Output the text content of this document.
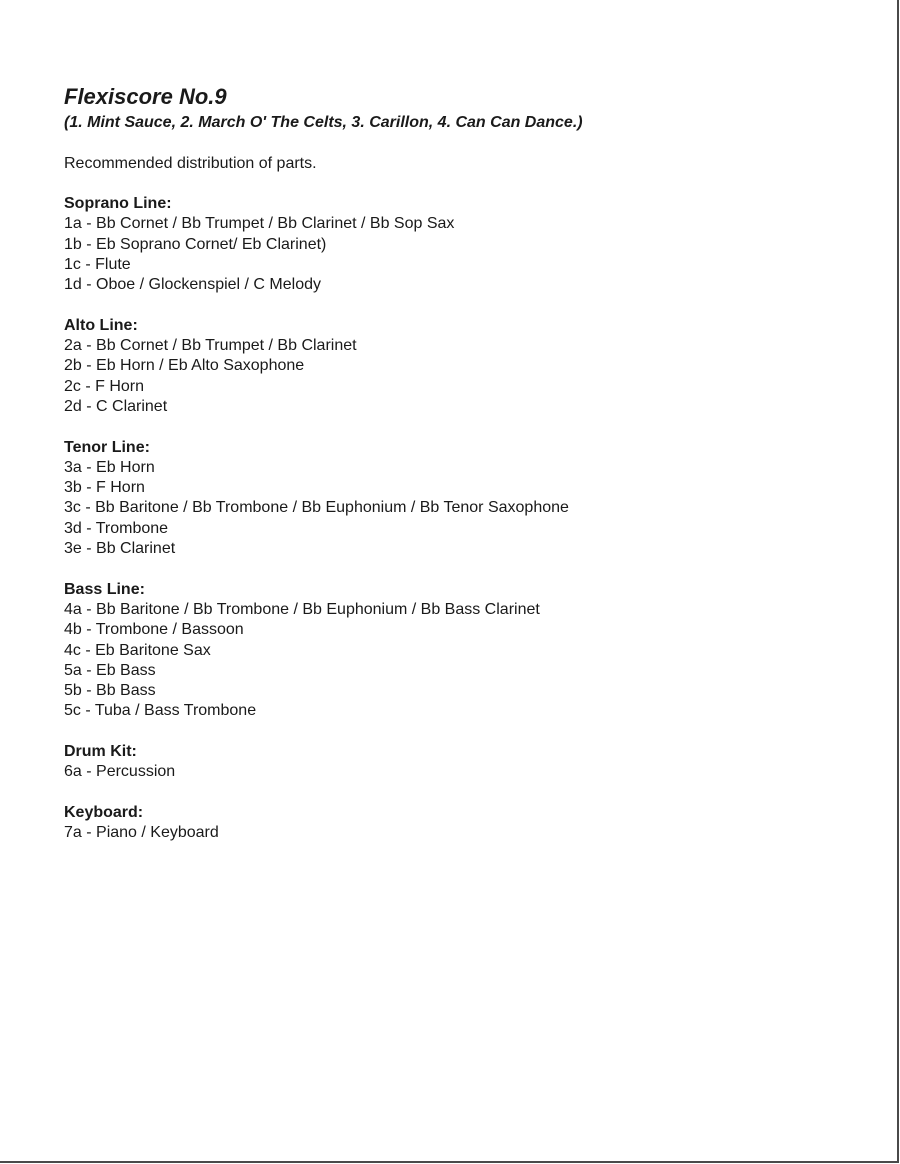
Flexiscore No.9
(1. Mint Sauce, 2. March O' The Celts, 3. Carillon, 4. Can Can Dance.)
Recommended distribution of parts.
Soprano Line:
1a - Bb Cornet / Bb Trumpet / Bb Clarinet / Bb Sop Sax
1b - Eb Soprano Cornet/ Eb Clarinet)
1c - Flute
1d - Oboe / Glockenspiel / C Melody
Alto Line:
2a - Bb Cornet / Bb Trumpet / Bb Clarinet
2b - Eb Horn / Eb Alto Saxophone
2c - F Horn
2d - C Clarinet
Tenor Line:
3a - Eb Horn
3b - F Horn
3c - Bb Baritone / Bb Trombone / Bb Euphonium / Bb Tenor Saxophone
3d - Trombone
3e - Bb Clarinet
Bass Line:
4a - Bb Baritone / Bb Trombone / Bb Euphonium / Bb Bass Clarinet
4b - Trombone / Bassoon
4c - Eb Baritone Sax
5a - Eb Bass
5b - Bb Bass
5c - Tuba / Bass Trombone
Drum Kit:
6a - Percussion
Keyboard:
7a - Piano / Keyboard
